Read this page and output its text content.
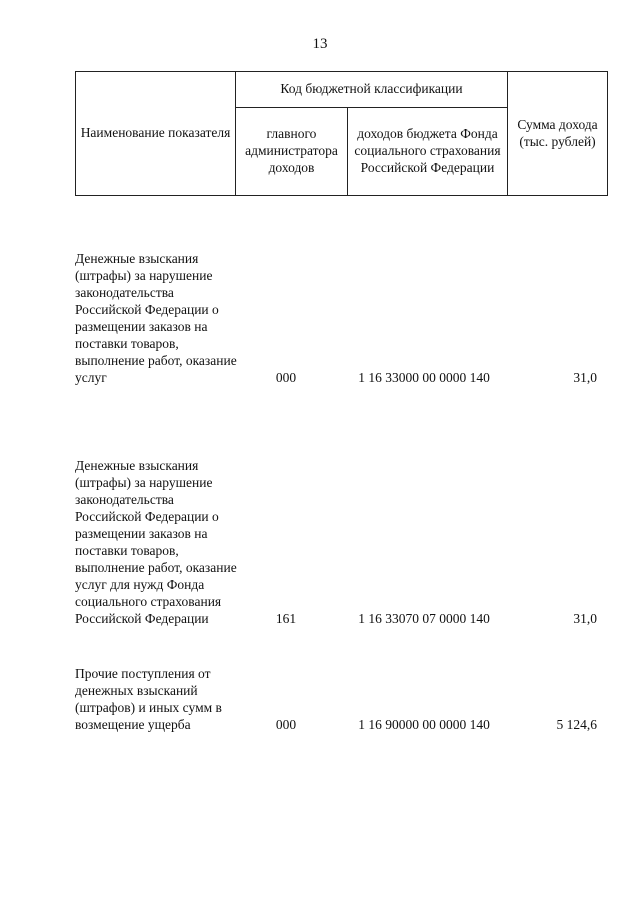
13
Наименование показателя	Код бюджетной классификации		Сумма дохода (тыс. рублей)
	главного администратора доходов	доходов бюджета Фонда социального страхования Российской Федерации	
Денежные взыскания (штрафы) за нарушение законодательства Российской Федерации о размещении заказов на поставки товаров, выполнение работ, оказание услуг	000	1 16 33000 00 0000 140	31,0
Денежные взыскания (штрафы) за нарушение законодательства Российской Федерации о размещении заказов на поставки товаров, выполнение работ, оказание услуг для нужд Фонда социального страхования Российской Федерации	161	1 16 33070 07 0000 140	31,0
Прочие поступления от денежных взысканий (штрафов) и иных сумм в возмещение ущерба	000	1 16 90000 00 0000 140	5 124,6
